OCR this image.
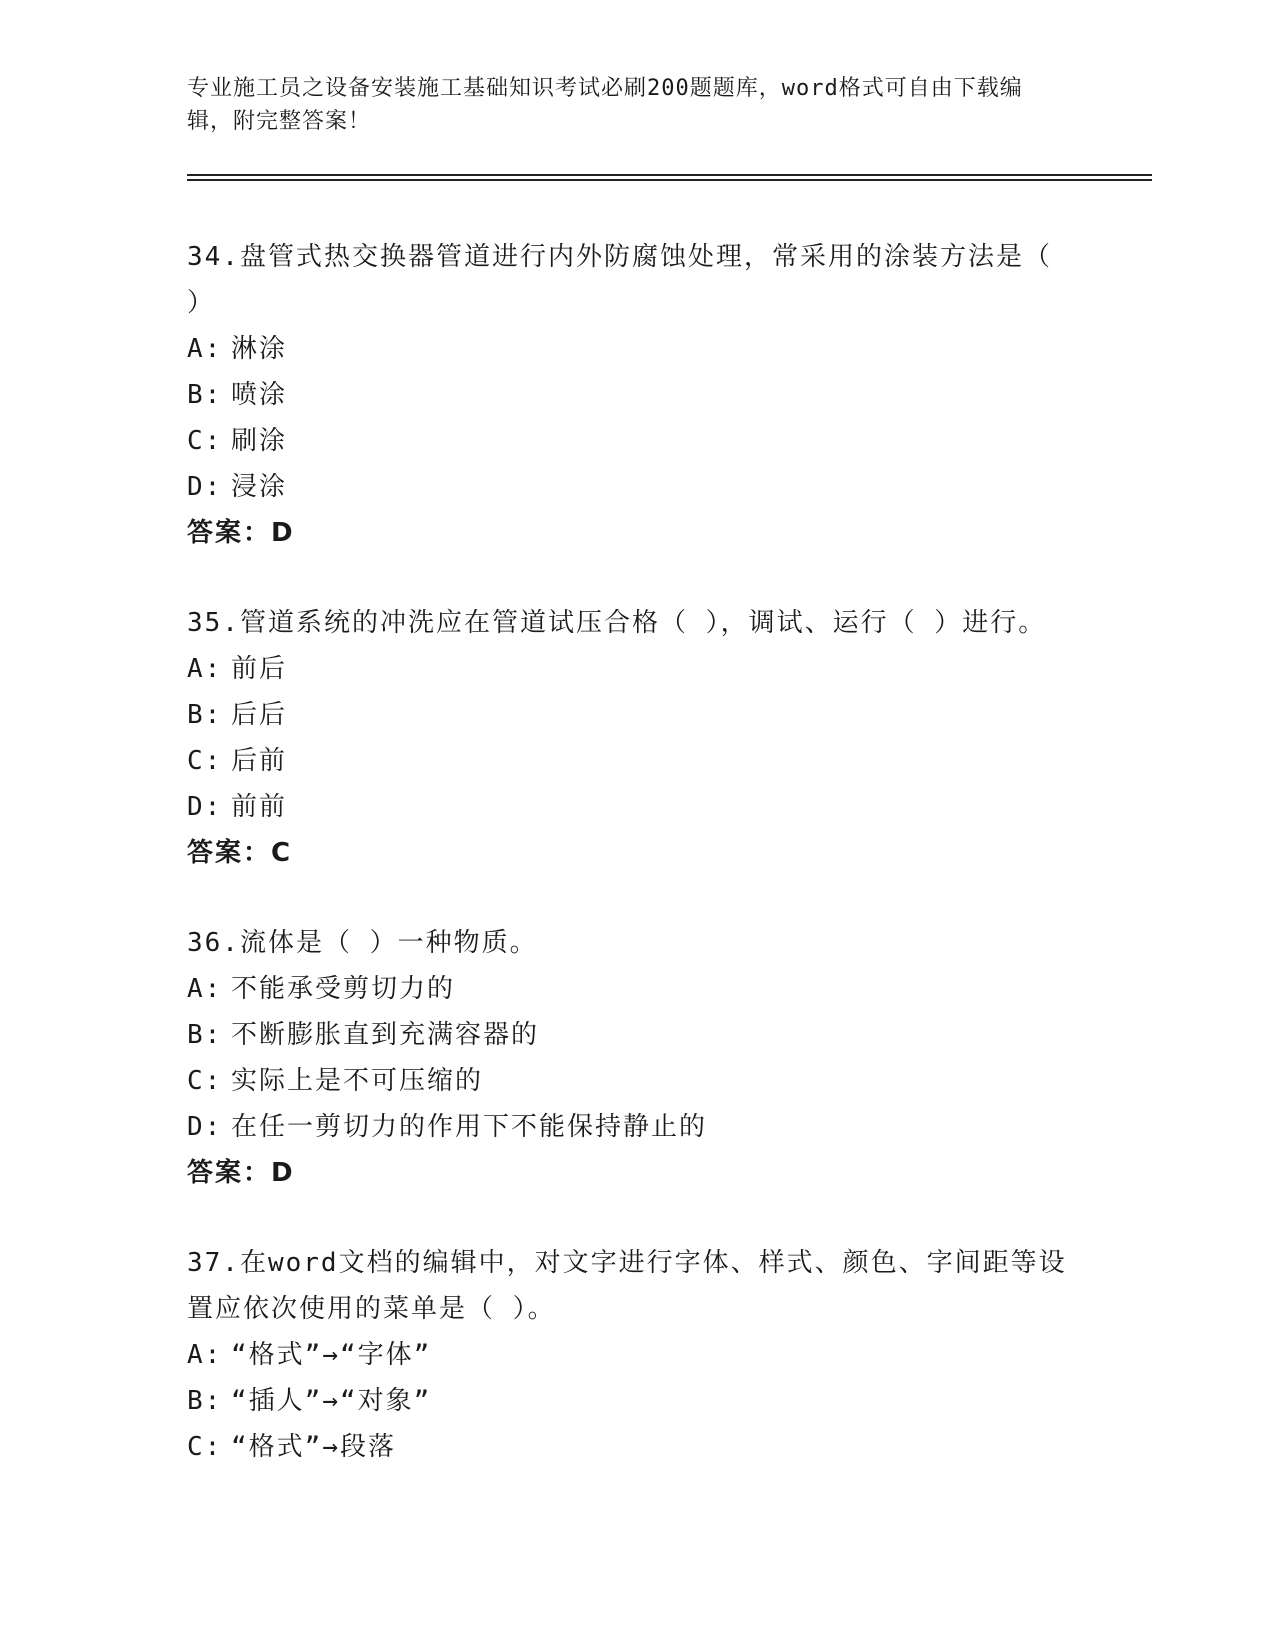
专业施工员之设备安装施工基础知识考试必刷200题题库，word格式可自由下载编辑，附完整答案！

34.盘管式热交换器管道进行内外防腐蚀处理，常采用的涂装方法是（ ）

A: 淋涂

B: 喷涂

C: 刷涂

D: 浸涂

答案：D

35.管道系统的冲洗应在管道试压合格（ ），调试、运行（ ）进行。

A: 前后

B: 后后

C: 后前

D: 前前

答案：C

36.流体是（ ）一种物质。

A: 不能承受剪切力的

B: 不断膨胀直到充满容器的

C: 实际上是不可压缩的

D: 在任一剪切力的作用下不能保持静止的

答案：D

37.在word文档的编辑中，对文字进行字体、样式、颜色、字间距等设置应依次使用的菜单是（ ）。

A: “格式”→“字体”

B: “插人”→“对象”

C: “格式”→段落
